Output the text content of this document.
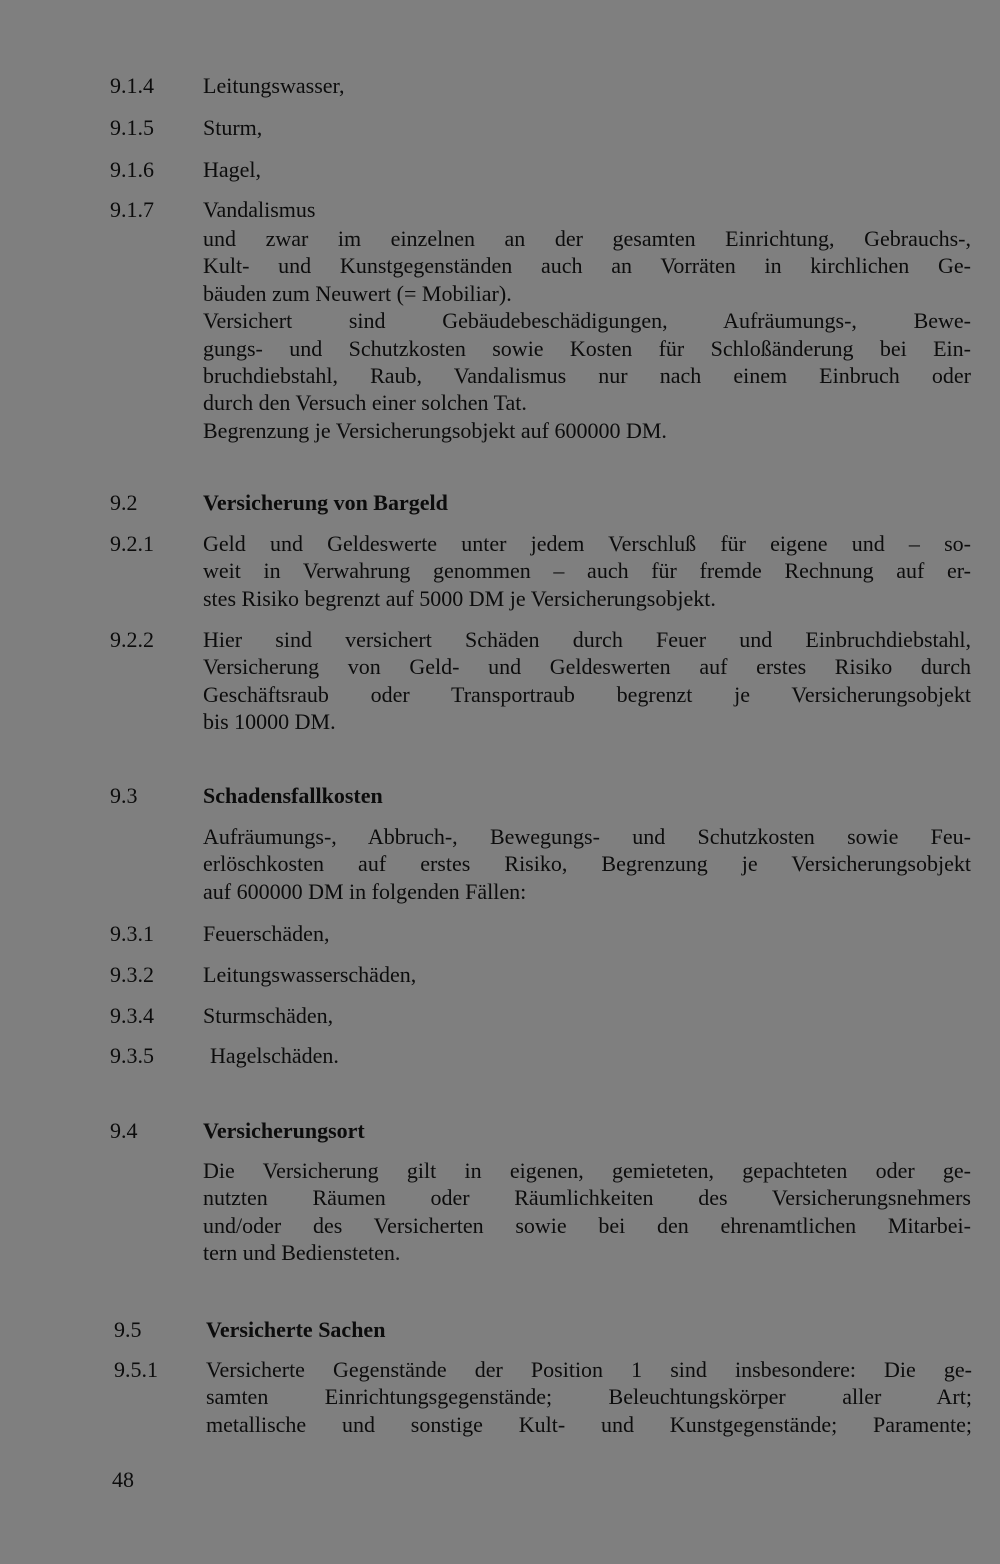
9.1.4 Leitungswasser,
9.1.5 Sturm,
9.1.6 Hagel,
9.1.7 Vandalismus
und zwar im einzelnen an der gesamten Einrichtung, Gebrauchs-,
Kult- und Kunstgegenständen auch an Vorräten in kirchlichen Ge-
bäuden zum Neuwert (= Mobiliar).
Versichert sind Gebäudebeschädigungen, Aufräumungs-, Bewe-
gungs- und Schutzkosten sowie Kosten für Schloßänderung bei Ein-
bruchdiebstahl, Raub, Vandalismus nur nach einem Einbruch oder
durch den Versuch einer solchen Tat.
Begrenzung je Versicherungsobjekt auf 600000 DM.
9.2	Versicherung von Bargeld
9.2.1 Geld und Geldeswerte unter jedem Verschluß für eigene und – so-
weit in Verwahrung genommen – auch für fremde Rechnung auf er-
stes Risiko begrenzt auf 5000 DM je Versicherungsobjekt.
9.2.2 Hier sind versichert Schäden durch Feuer und Einbruchdiebstahl,
Versicherung von Geld- und Geldeswerten auf erstes Risiko durch
Geschäftsraub oder Transportraub begrenzt je Versicherungsobjekt
bis 10000 DM.
9.3	Schadensfallkosten
Aufräumungs-, Abbruch-, Bewegungs- und Schutzkosten sowie Feu-
erlöschkosten auf erstes Risiko, Begrenzung je Versicherungsobjekt
auf 600000 DM in folgenden Fällen:
9.3.1 Feuerschäden,
9.3.2 Leitungswasserschäden,
9.3.4 Sturmschäden,
9.3.5	Hagelschäden.
9.4	Versicherungsort
Die Versicherung gilt in eigenen, gemieteten, gepachteten oder ge-
nutzten Räumen oder Räumlichkeiten des Versicherungsnehmers
und/oder des Versicherten sowie bei den ehrenamtlichen Mitarbei-
tern und Bediensteten.
9.5	Versicherte Sachen
9.5.1 Versicherte Gegenstände der Position 1 sind insbesondere: Die ge-
samten Einrichtungsgegenstände; Beleuchtungskörper aller Art;
metallische und sonstige Kult- und Kunstgegenstände; Paramente;
48
